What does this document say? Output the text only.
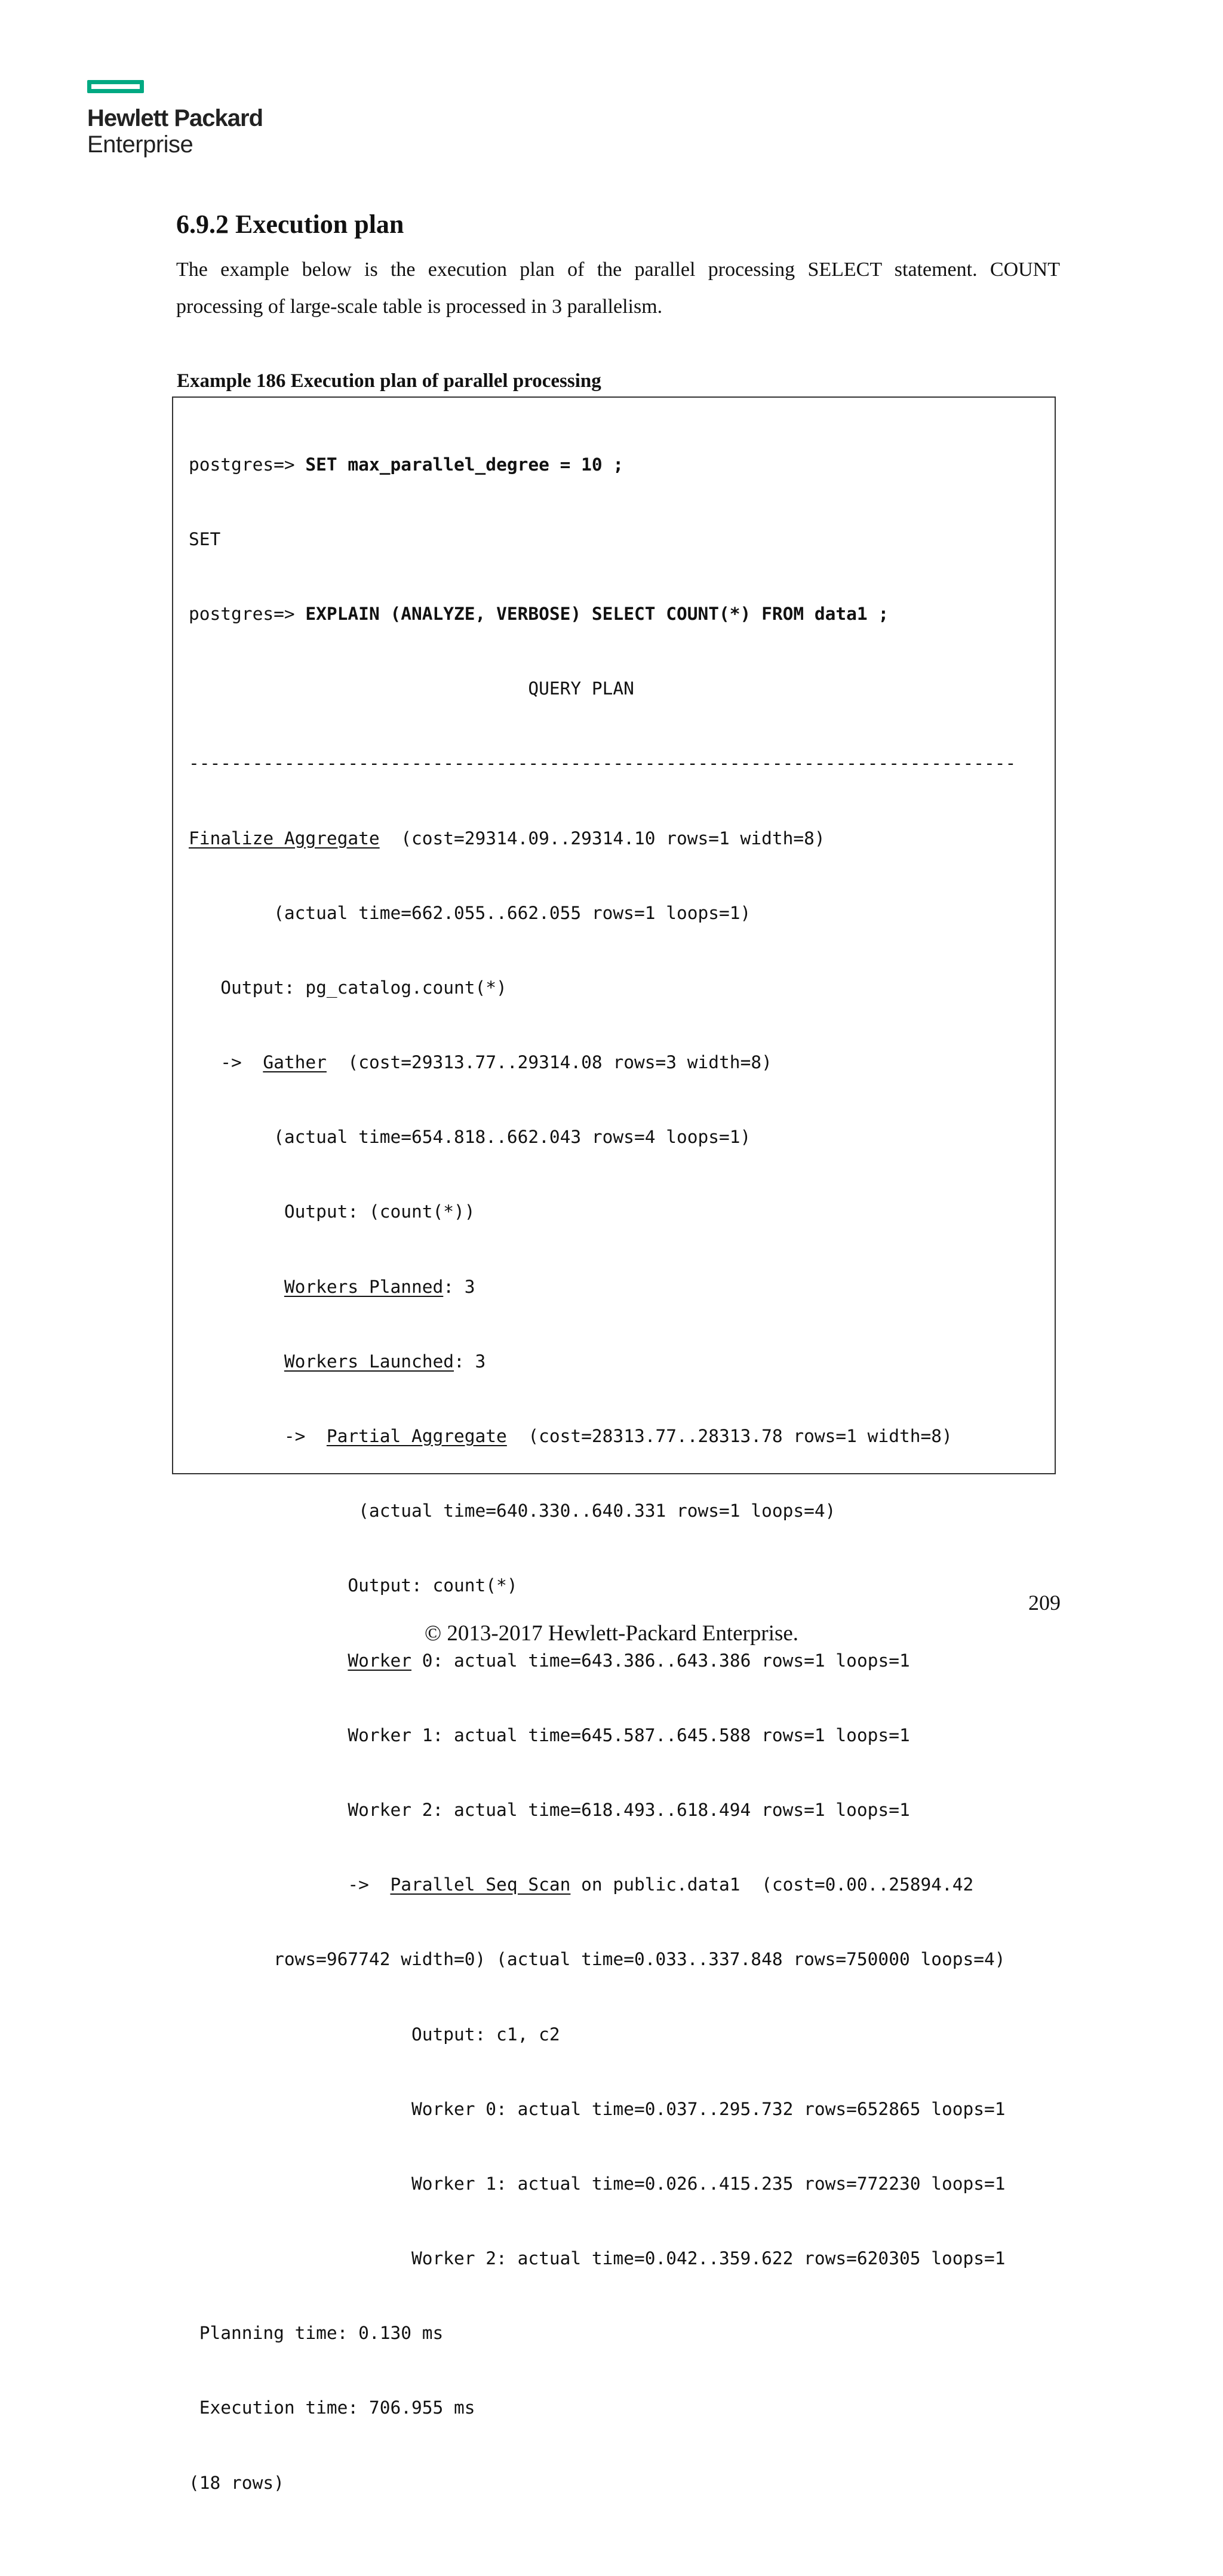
Hewlett Packard
Enterprise
6.9.2 Execution plan

The example below is the execution plan of the parallel processing SELECT statement. COUNT
processing of large-scale table is processed in 3 parallelism.

Example 186 Execution plan of parallel processing

postgres=> SET max_parallel_degree = 10 ;

SET

postgres=> EXPLAIN (ANALYZE, VERBOSE) SELECT COUNT(*) FROM data1 ;

QUERY PLAN

------------------------------------------------------------------------------

Finalize Aggregate  (cost=29314.09..29314.10 rows=1 width=8)

(actual time=662.055..662.055 rows=1 loops=1)

Output: pg_catalog.count(*)

->  Gather  (cost=29313.77..29314.08 rows=3 width=8)

(actual time=654.818..662.043 rows=4 loops=1)

Output: (count(*))

Workers Planned: 3

Workers Launched: 3

->  Partial Aggregate  (cost=28313.77..28313.78 rows=1 width=8)

(actual time=640.330..640.331 rows=1 loops=4)

Output: count(*)

Worker 0: actual time=643.386..643.386 rows=1 loops=1

Worker 1: actual time=645.587..645.588 rows=1 loops=1

Worker 2: actual time=618.493..618.494 rows=1 loops=1

->  Parallel Seq Scan on public.data1  (cost=0.00..25894.42

rows=967742 width=0) (actual time=0.033..337.848 rows=750000 loops=4)

Output: c1, c2

Worker 0: actual time=0.037..295.732 rows=652865 loops=1

Worker 1: actual time=0.026..415.235 rows=772230 loops=1

Worker 2: actual time=0.042..359.622 rows=620305 loops=1

Planning time: 0.130 ms

Execution time: 706.955 ms

(18 rows)

209
© 2013-2017 Hewlett-Packard Enterprise.
